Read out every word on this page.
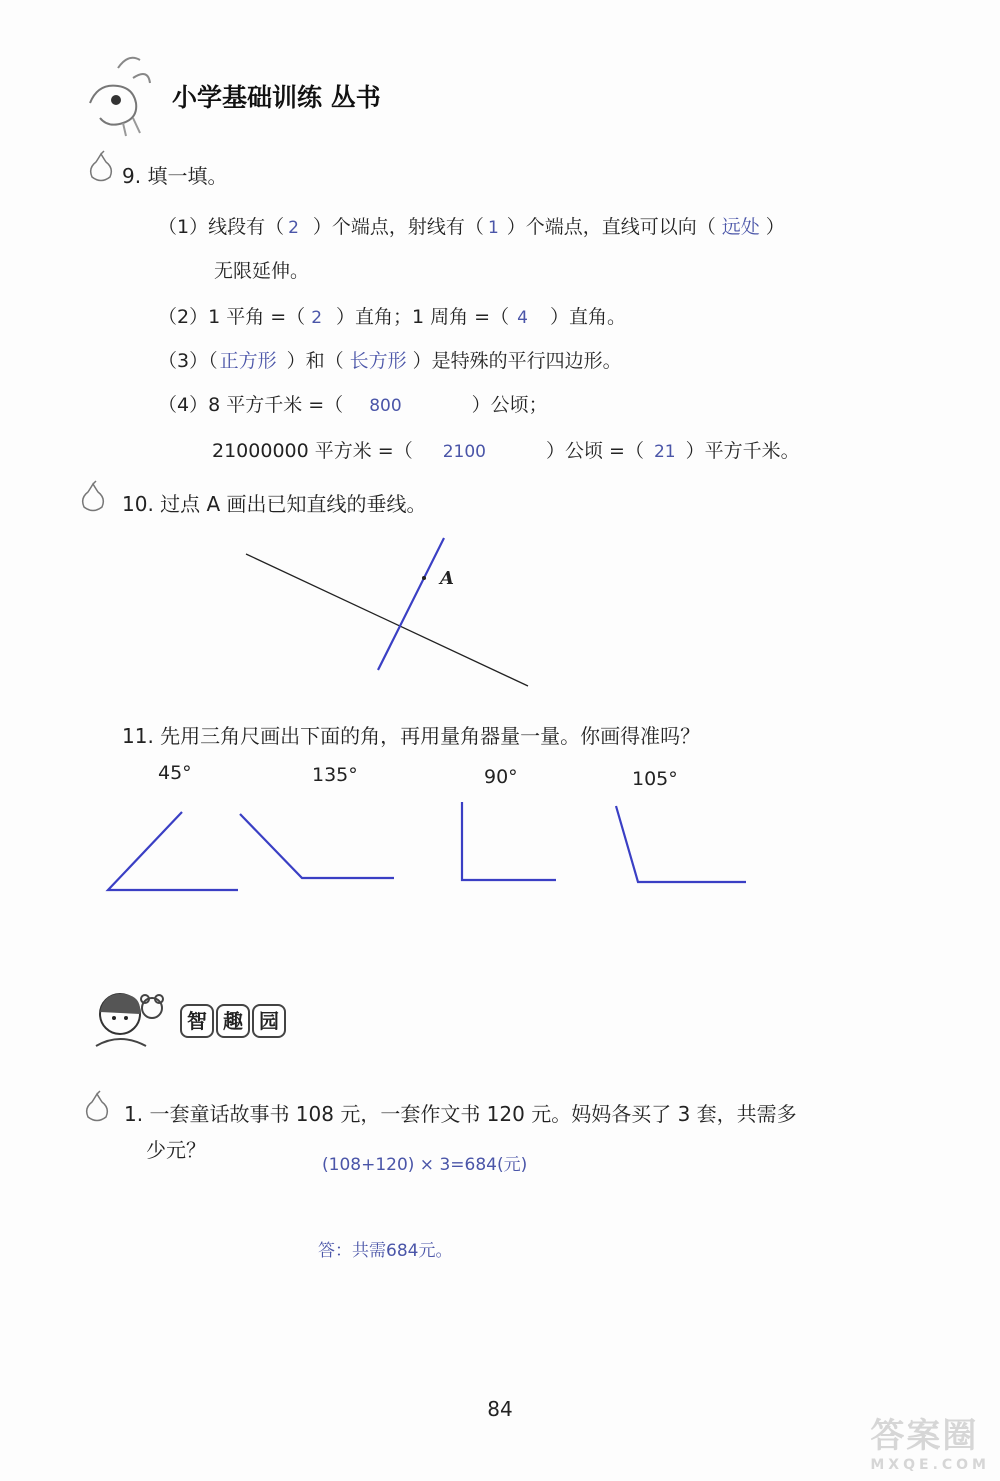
小学基础训练 丛书
9. 填一填。
（1）线段有（ 2 ）个端点，射线有（ 1 ）个端点，直线可以向（ 远处 ）
无限延伸。
（2）1 平角 =（ 2 ）直角；1 周角 =（ 4 ）直角。
（3）（ 正方形 ）和（ 长方形 ）是特殊的平行四边形。
（4）8 平方千米 =（ 800	）公顷；
21000000 平方米 =（ 2100	）公顷 =（ 21 ）平方千米。
10. 过点 A 画出已知直线的垂线。
A
11. 先用三角尺画出下面的角，再用量角器量一量。你画得准吗？
45°	135°	90°	105°
智 趣 园
1. 一套童话故事书 108 元，一套作文书 120 元。妈妈各买了 3 套，共需多
少元？
(108+120) × 3=684(元)
答：共需684元。
84
答案圈
MXQE.COM
